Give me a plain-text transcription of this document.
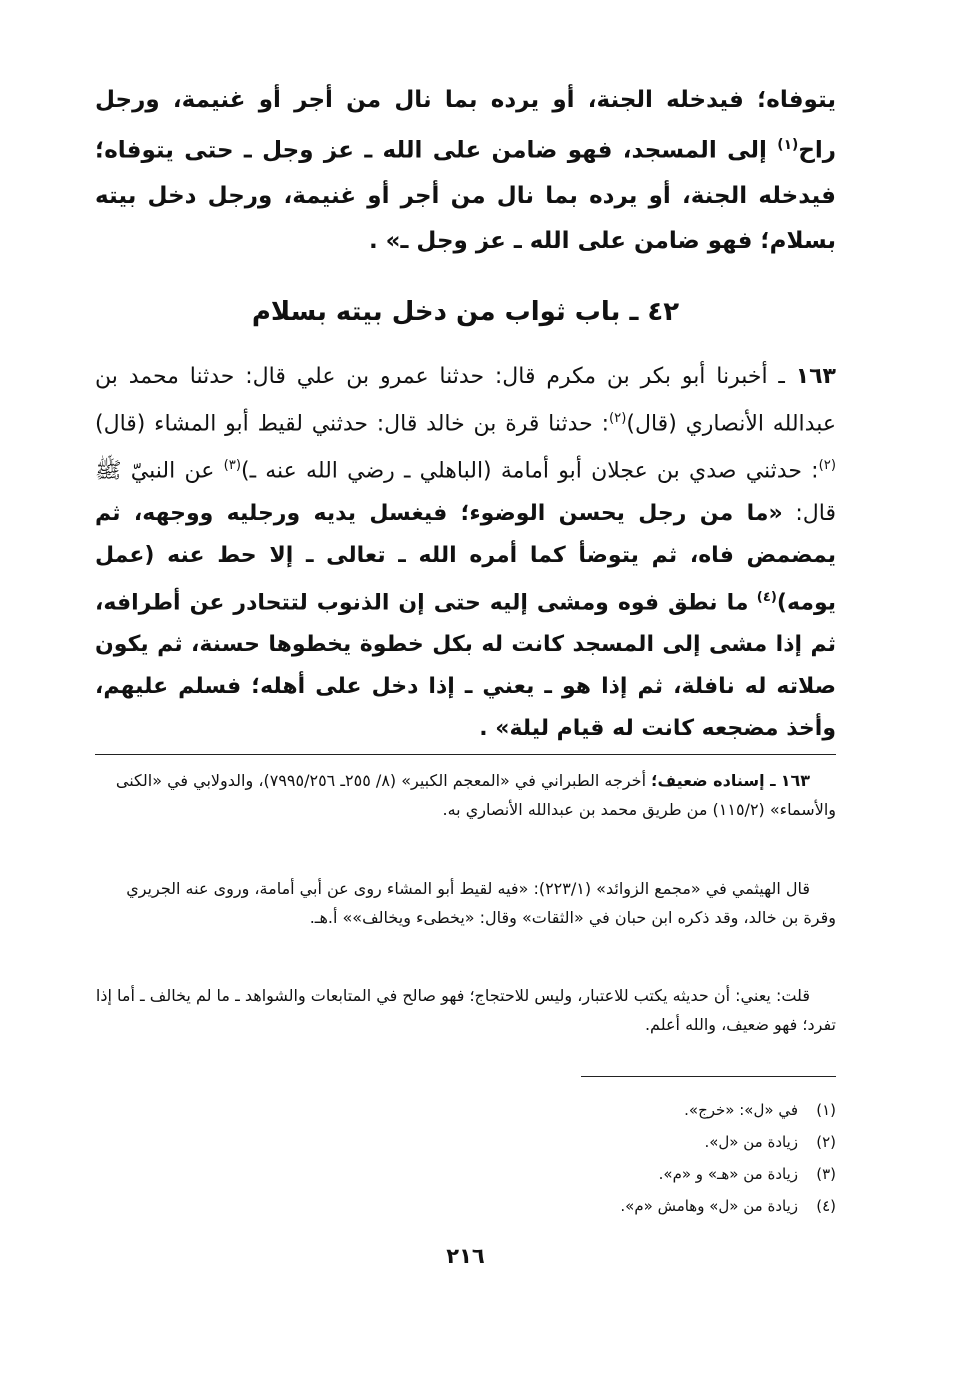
يتوفاه؛ فيدخله الجنة، أو يرده بما نال من أجر أو غنيمة، ورجل راح$^{(١)}$ إلى المسجد، فهو ضامن على الله ـ عز وجل ـ حتى يتوفاه؛ فيدخله الجنة، أو يرده بما نال من أجر أو غنيمة، ورجل دخل بيته بسلام؛ فهو ضامن على الله ـ عز وجل ـ» .
٤٢ ـ باب ثواب من دخل بيته بسلام
١٦٣ ـ أخبرنا أبو بكر بن مكرم قال: حدثنا عمرو بن علي قال: حدثنا محمد بن عبدالله الأنصاري (قال)$^{(٢)}$: حدثنا قرة بن خالد قال: حدثني لقيط أبو المشاء (قال)$^{(٢)}$: حدثني صدي بن عجلان أبو أمامة (الباهلي ـ رضي الله عنه ـ)$^{(٣)}$ عن النبيّ ﷺ قال: «ما من رجل يحسن الوضوء؛ فيغسل يديه ورجليه ووجهه، ثم يمضمض فاه، ثم يتوضأ كما أمره الله ـ تعالى ـ إلا حط عنه (عمل يومه)$^{(٤)}$ ما نطق فوه ومشى إليه حتى إن الذنوب لتتحادر عن أطرافه، ثم إذا مشى إلى المسجد كانت له بكل خطوة يخطوها حسنة، ثم يكون صلاته له نافلة، ثم إذا هو ـ يعني ـ إذا دخل على أهله؛ فسلم عليهم، وأخذ مضجعه كانت له قيام ليلة» .
١٦٣ ـ إسناده ضعيف؛ أخرجه الطبراني في «المعجم الكبير» (٨/ ٢٥٥ـ ٧٩٩٥/٢٥٦)، والدولابي في «الكنى والأسماء» (١١٥/٢) من طريق محمد بن عبدالله الأنصاري به.
قال الهيثمي في «مجمع الزوائد» (٢٢٣/١): «فيه لقيط أبو المشاء روى عن أبي أمامة، وروى عنه الجريري وقرة بن خالد، وقد ذكره ابن حبان في «الثقات» وقال: «يخطىء ويخالف»» أ.هـ.
قلت: يعني: أن حديثه يكتب للاعتبار، وليس للاحتجاج؛ فهو صالح في المتابعات والشواهد ـ ما لم يخالف ـ أما إذا تفرد؛ فهو ضعيف، والله أعلم.
(١)
في «ل»: «خرج».
(٢)
زيادة من «ل».
(٣)
زيادة من «هـ» و «م».
(٤)
زيادة من «ل» وهامش «م».
٢١٦
